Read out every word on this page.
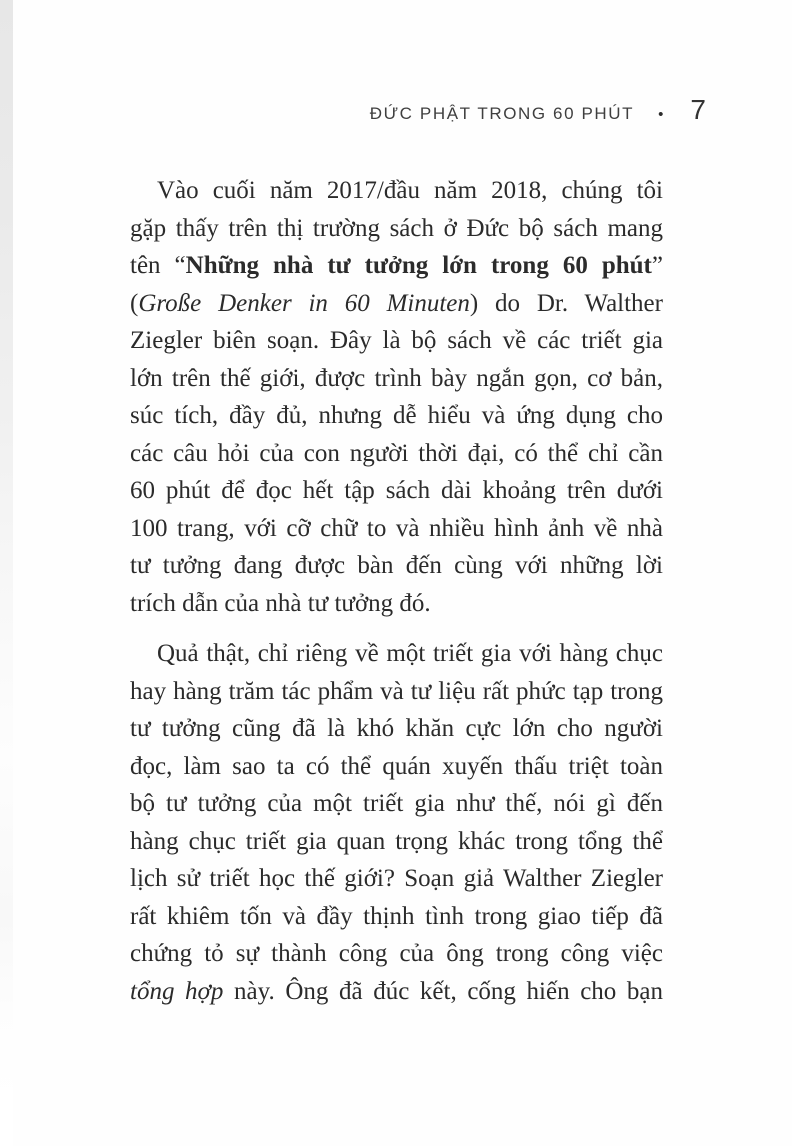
ĐỨC PHẬT TRONG 60 PHÚT • 7
Vào cuối năm 2017/đầu năm 2018, chúng tôi
gặp thấy trên thị trường sách ở Đức bộ sách mang
tên “Những nhà tư tưởng lớn trong 60 phút”
(Große Denker in 60 Minuten) do Dr. Walther
Ziegler biên soạn. Đây là bộ sách về các triết gia
lớn trên thế giới, được trình bày ngắn gọn, cơ bản,
súc tích, đầy đủ, nhưng dễ hiểu và ứng dụng cho
các câu hỏi của con người thời đại, có thể chỉ cần
60 phút để đọc hết tập sách dài khoảng trên dưới
100 trang, với cỡ chữ to và nhiều hình ảnh về nhà
tư tưởng đang được bàn đến cùng với những lời
trích dẫn của nhà tư tưởng đó.
Quả thật, chỉ riêng về một triết gia với hàng chục
hay hàng trăm tác phẩm và tư liệu rất phức tạp trong
tư tưởng cũng đã là khó khăn cực lớn cho người
đọc, làm sao ta có thể quán xuyến thấu triệt toàn
bộ tư tưởng của một triết gia như thế, nói gì đến
hàng chục triết gia quan trọng khác trong tổng thể
lịch sử triết học thế giới? Soạn giả Walther Ziegler
rất khiêm tốn và đầy thịnh tình trong giao tiếp đã
chứng tỏ sự thành công của ông trong công việc
tổng hợp này. Ông đã đúc kết, cống hiến cho bạn
